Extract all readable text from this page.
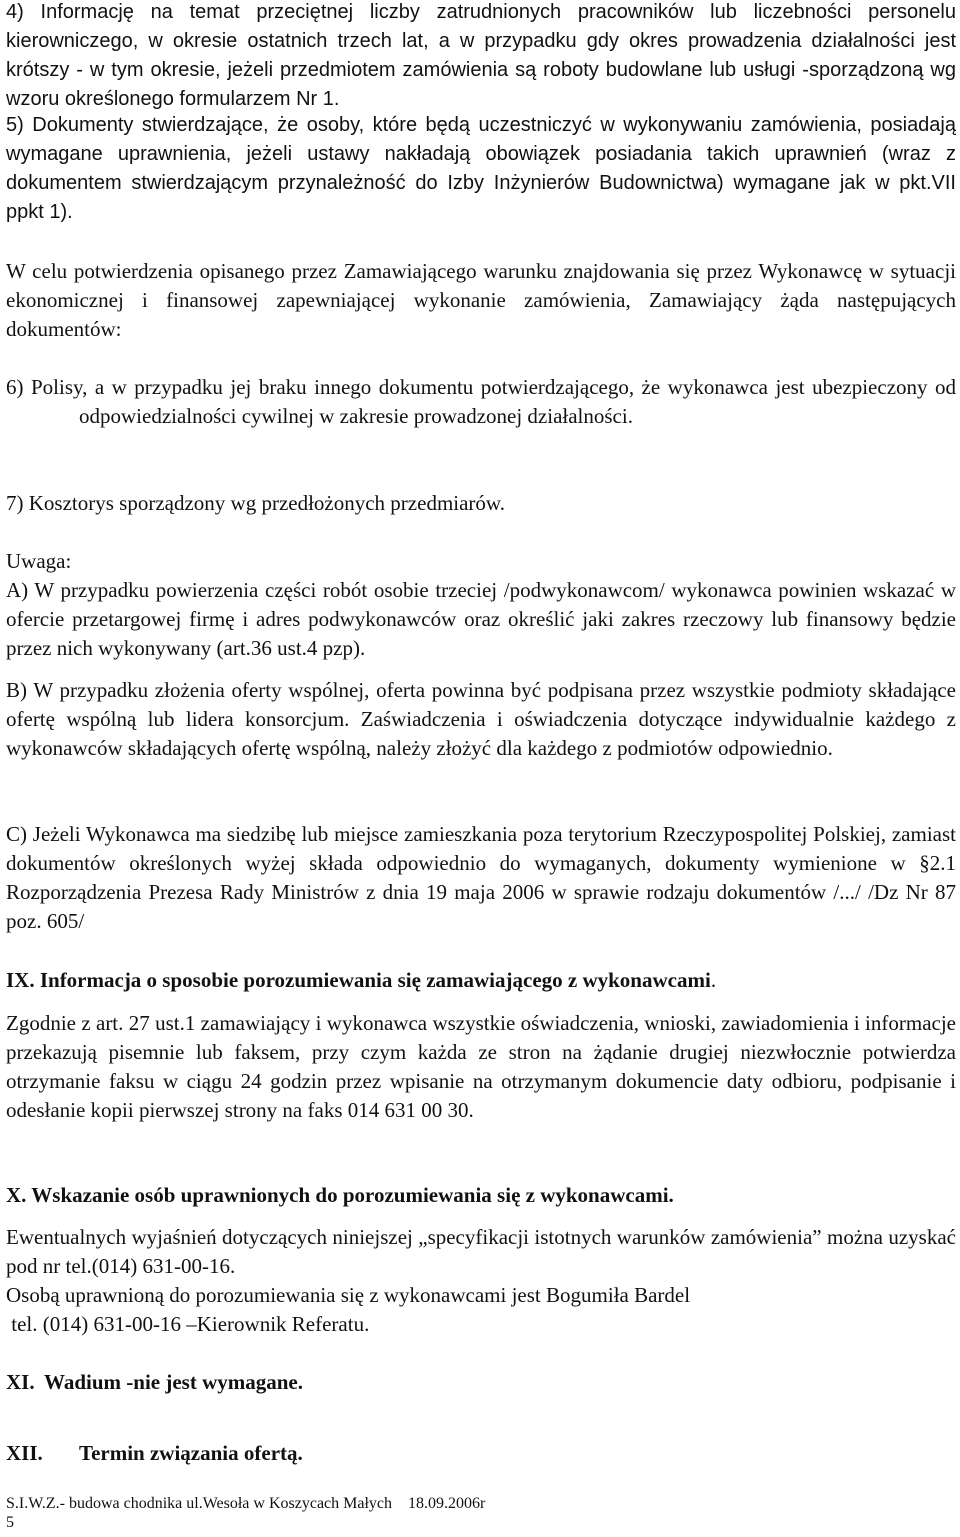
4) Informację na temat przeciętnej liczby zatrudnionych pracowników lub liczebności personelu kierowniczego, w okresie ostatnich trzech lat, a w przypadku gdy okres prowadzenia działalności jest krótszy - w tym okresie, jeżeli przedmiotem zamówienia są roboty budowlane lub usługi -sporządzoną wg wzoru określonego formularzem Nr 1.

5) Dokumenty stwierdzające, że osoby, które będą uczestniczyć w wykonywaniu zamówienia, posiadają wymagane uprawnienia, jeżeli ustawy nakładają obowiązek posiadania takich uprawnień (wraz z dokumentem stwierdzającym przynależność do Izby Inżynierów Budownictwa) wymagane jak w pkt.VII ppkt 1).

W celu potwierdzenia opisanego przez Zamawiającego warunku znajdowania się przez Wykonawcę w sytuacji ekonomicznej i finansowej zapewniającej wykonanie zamówienia, Zamawiający żąda następujących dokumentów:

6) Polisy, a w przypadku jej braku innego dokumentu potwierdzającego, że wykonawca jest ubezpieczony od odpowiedzialności cywilnej w zakresie prowadzonej działalności.

7) Kosztorys sporządzony wg przedłożonych przedmiarów.

Uwaga:

A) W przypadku powierzenia części robót osobie trzeciej /podwykonawcom/ wykonawca powinien wskazać w ofercie przetargowej firmę i adres podwykonawców oraz określić jaki zakres rzeczowy lub finansowy będzie przez nich wykonywany (art.36 ust.4 pzp).

B) W przypadku złożenia oferty wspólnej, oferta powinna być podpisana przez wszystkie podmioty składające ofertę wspólną lub lidera konsorcjum. Zaświadczenia i oświadczenia dotyczące indywidualnie każdego z wykonawców składających ofertę wspólną, należy złożyć dla każdego z podmiotów odpowiednio.

C) Jeżeli Wykonawca ma siedzibę lub miejsce zamieszkania poza terytorium Rzeczypospolitej Polskiej, zamiast dokumentów określonych wyżej składa odpowiednio do wymaganych, dokumenty wymienione w §2.1 Rozporządzenia Prezesa Rady Ministrów z dnia 19 maja 2006 w sprawie rodzaju dokumentów /.../ /Dz Nr 87 poz. 605/

IX. Informacja o sposobie porozumiewania się zamawiającego z wykonawcami.

Zgodnie z art. 27 ust.1 zamawiający i wykonawca wszystkie oświadczenia, wnioski, zawiadomienia i informacje przekazują pisemnie lub faksem, przy czym każda ze stron na żądanie drugiej niezwłocznie potwierdza otrzymanie faksu w ciągu 24 godzin przez wpisanie na otrzymanym dokumencie daty odbioru, podpisanie i odesłanie kopii pierwszej strony na faks 014 631 00 30.

X. Wskazanie osób uprawnionych do porozumiewania się z wykonawcami.

Ewentualnych wyjaśnień dotyczących niniejszej „specyfikacji istotnych warunków zamówienia” można uzyskać pod nr tel.(014) 631-00-16.

Osobą uprawnioną do porozumiewania się z wykonawcami jest Bogumiła Bardel

tel. (014) 631-00-16 –Kierownik Referatu.

XI. Wadium -nie jest wymagane.

XII. Termin związania ofertą.

S.I.W.Z.- budowa chodnika ul.Wesoła w Koszycach Małych    18.09.2006r
5
